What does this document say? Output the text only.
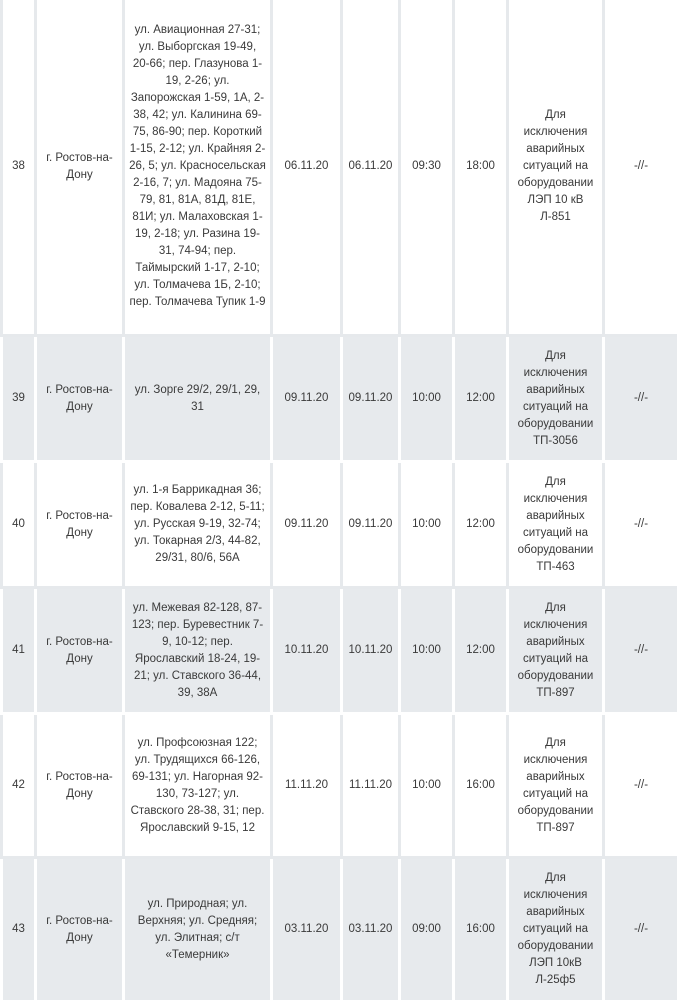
38	г. Ростов-на-Дону	ул. Авиационная 27-31; ул. Выборгская 19-49, 20-66; пер. Глазунова 1-19, 2-26; ул. Запорожская 1-59, 1А, 2-38, 42; ул. Калинина 69-75, 86-90; пер. Короткий 1-15, 2-12; ул. Крайняя 2-26, 5; ул. Красносельская 2-16, 7; ул. Мадояна 75-79, 81, 81А, 81Д, 81Е, 81И; ул. Малаховская 1-19, 2-18; ул. Разина 19-31, 74-94; пер. Таймырский 1-17, 2-10; ул. Толмачева 1Б, 2-10; пер. Толмачева Тупик 1-9	06.11.20	06.11.20	09:30	18:00	Для исключения аварийных ситуаций на оборудовании ЛЭП 10 кВ Л-851	-//-
39	г. Ростов-на-Дону	ул. Зорге 29/2, 29/1, 29, 31	09.11.20	09.11.20	10:00	12:00	Для исключения аварийных ситуаций на оборудовании ТП-3056	-//-
40	г. Ростов-на-Дону	ул. 1-я Баррикадная 36; пер. Ковалева 2-12, 5-11; ул. Русская 9-19, 32-74; ул. Токарная 2/3, 44-82, 29/31, 80/6, 56А	09.11.20	09.11.20	10:00	12:00	Для исключения аварийных ситуаций на оборудовании ТП-463	-//-
41	г. Ростов-на-Дону	ул. Межевая 82-128, 87-123; пер. Буревестник 7-9, 10-12; пер. Ярославский 18-24, 19-21; ул. Ставского 36-44, 39, 38А	10.11.20	10.11.20	10:00	12:00	Для исключения аварийных ситуаций на оборудовании ТП-897	-//-
42	г. Ростов-на-Дону	ул. Профсоюзная 122; ул. Трудящихся 66-126, 69-131; ул. Нагорная 92-130, 73-127; ул. Ставского 28-38, 31; пер. Ярославский 9-15, 12	11.11.20	11.11.20	10:00	16:00	Для исключения аварийных ситуаций на оборудовании ТП-897	-//-
43	г. Ростов-на-Дону	ул. Природная; ул. Верхняя; ул. Средняя; ул. Элитная; с/т «Темерник»	03.11.20	03.11.20	09:00	16:00	Для исключения аварийных ситуаций на оборудовании ЛЭП 10кВ Л-25ф5	-//-
